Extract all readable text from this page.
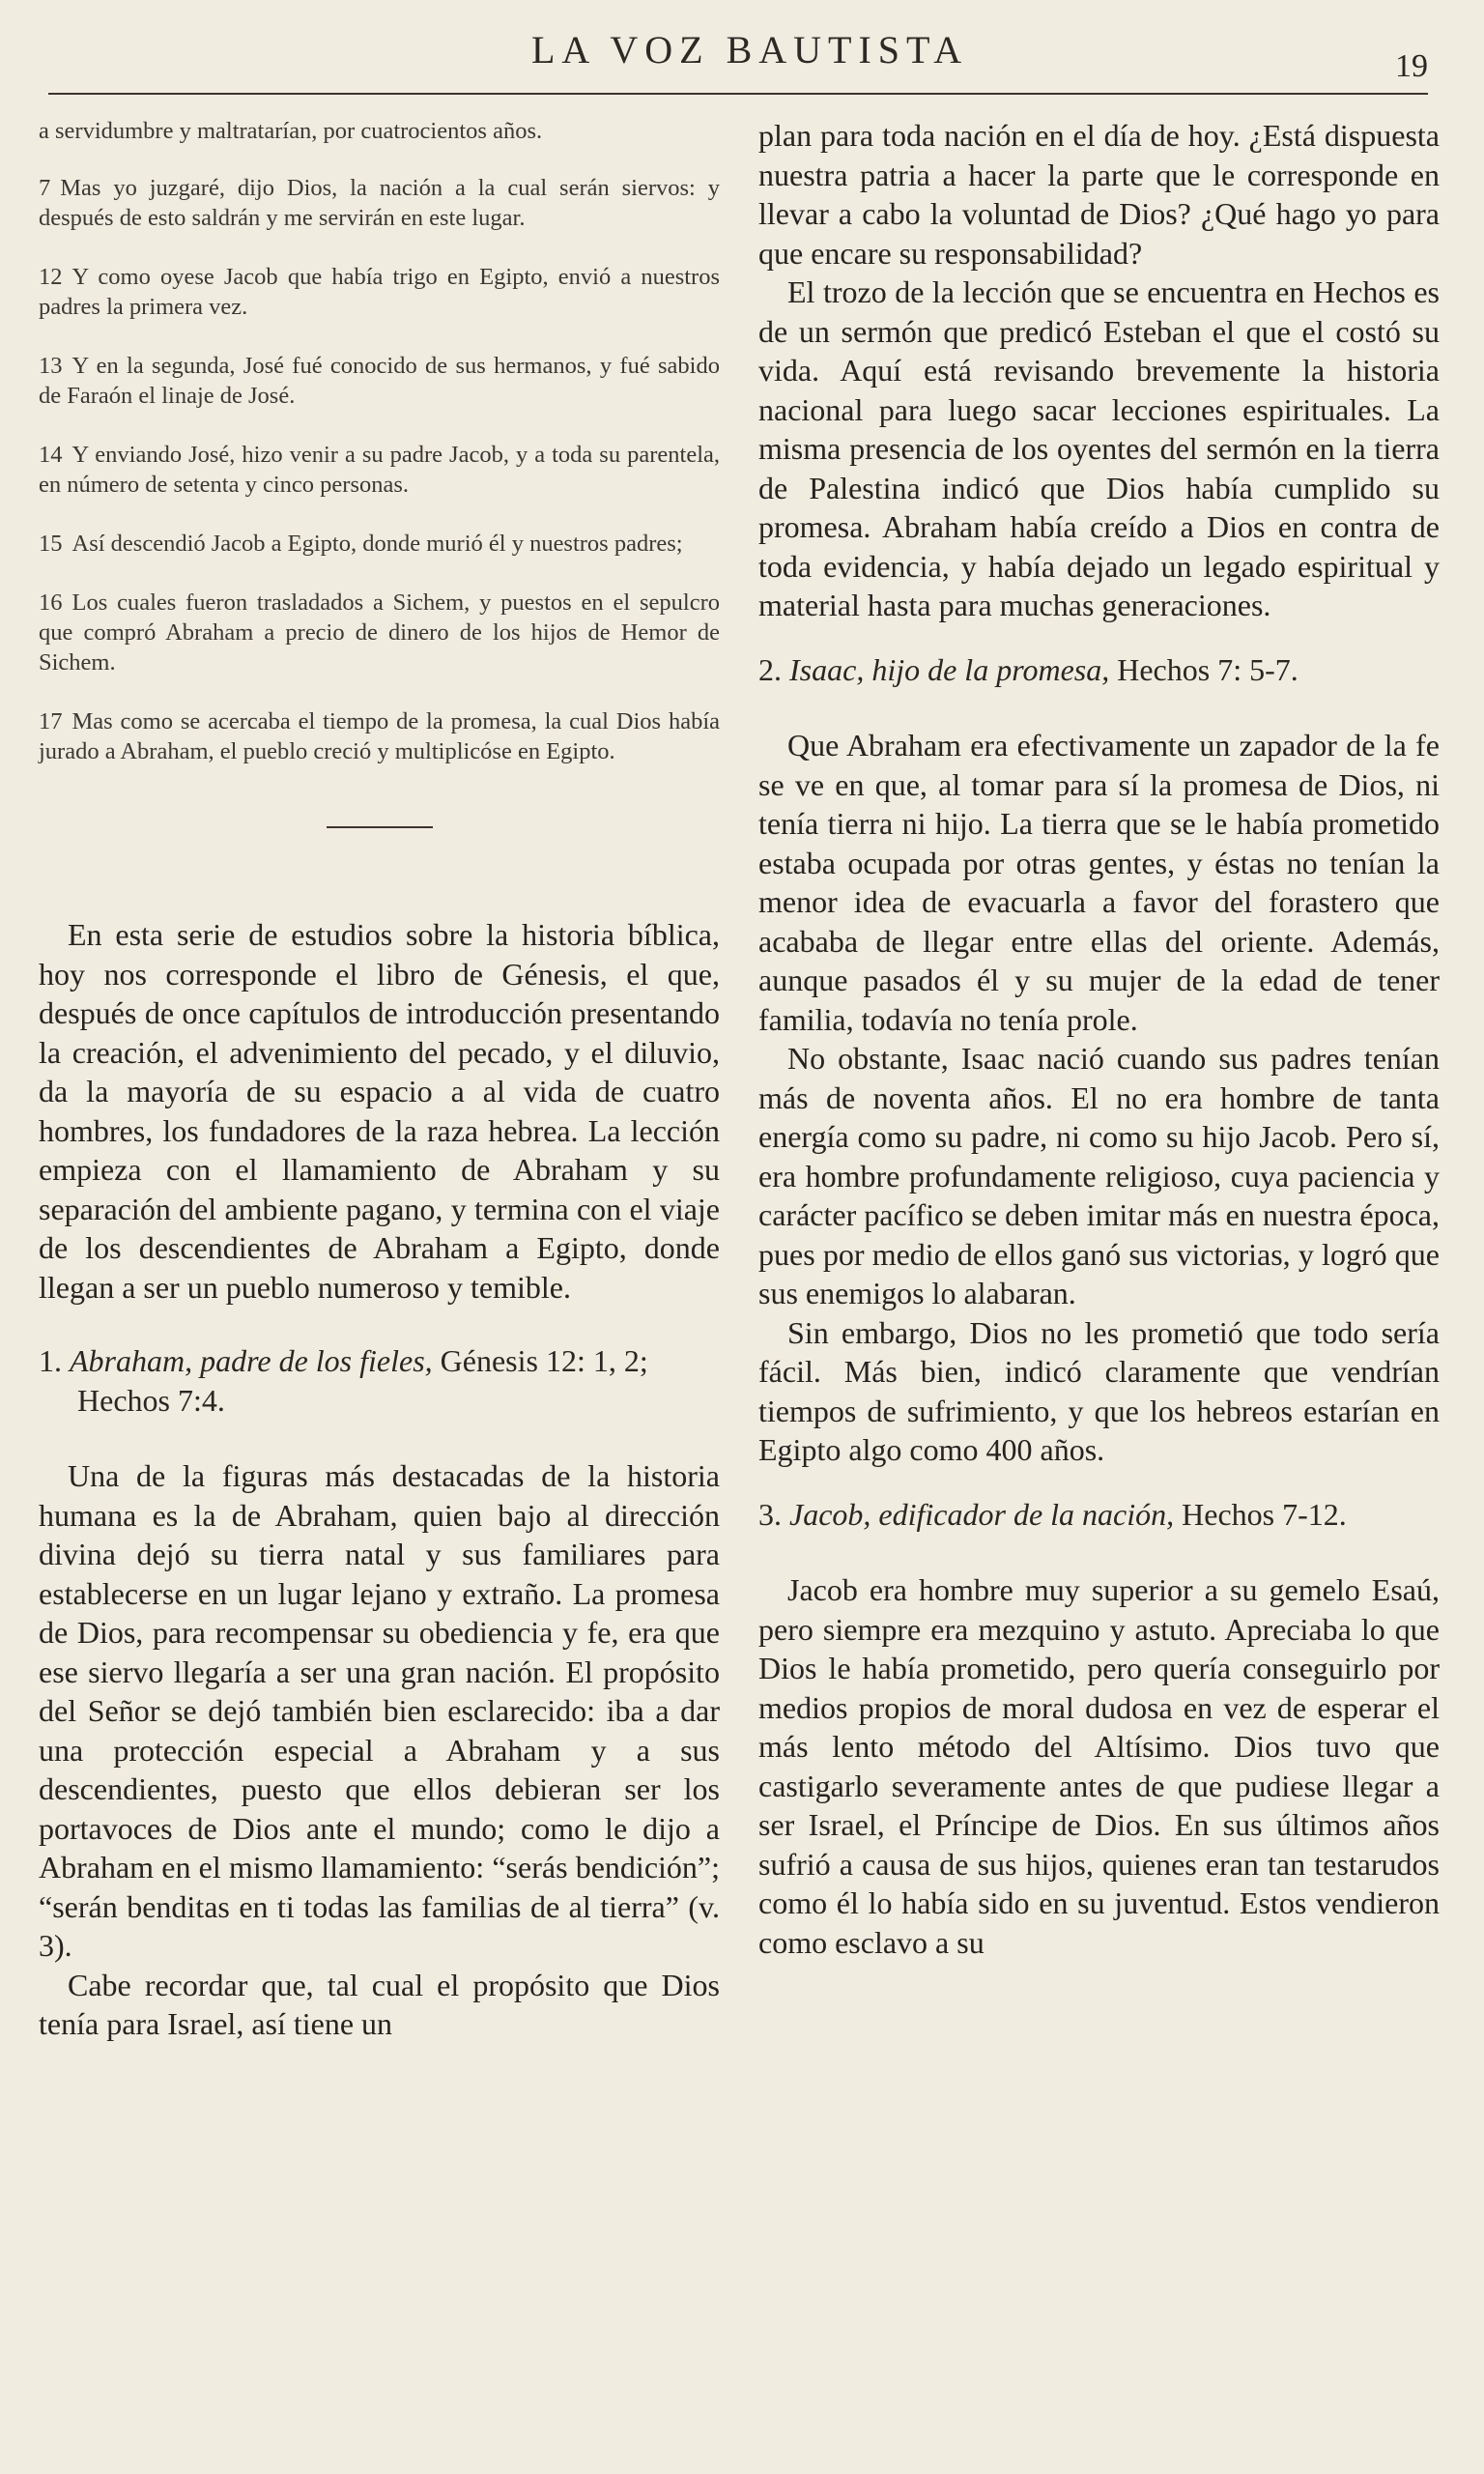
LA VOZ BAUTISTA	19

a servidumbre y maltratarían, por cuatrocientos años.

7 Mas yo juzgaré, dijo Dios, la nación a la cual serán siervos: y después de esto saldrán y me servirán en este lugar.

12 Y como oyese Jacob que había trigo en Egipto, envió a nuestros padres la primera vez.

13 Y en la segunda, José fué conocido de sus hermanos, y fué sabido de Faraón el linaje de José.

14 Y enviando José, hizo venir a su padre Jacob, y a toda su parentela, en número de setenta y cinco personas.

15 Así descendió Jacob a Egipto, donde murió él y nuestros padres;

16 Los cuales fueron trasladados a Sichem, y puestos en el sepulcro que compró Abraham a precio de dinero de los hijos de Hemor de Sichem.

17 Mas como se acercaba el tiempo de la promesa, la cual Dios había jurado a Abraham, el pueblo creció y multiplicóse en Egipto.

En esta serie de estudios sobre la historia bíblica, hoy nos corresponde el libro de Génesis, el que, después de once capítulos de introducción presentando la creación, el advenimiento del pecado, y el diluvio, da la mayoría de su espacio a al vida de cuatro hombres, los fundadores de la raza hebrea. La lección empieza con el llamamiento de Abraham y su separación del ambiente pagano, y termina con el viaje de los descendientes de Abraham a Egipto, donde llegan a ser un pueblo numeroso y temible.

1. Abraham, padre de los fieles, Génesis 12: 1, 2; Hechos 7:4.

Una de la figuras más destacadas de la historia humana es la de Abraham, quien bajo al dirección divina dejó su tierra natal y sus familiares para establecerse en un lugar lejano y extraño. La promesa de Dios, para recompensar su obediencia y fe, era que ese siervo llegaría a ser una gran nación. El propósito del Señor se dejó también bien esclarecido: iba a dar una protección especial a Abraham y a sus descendientes, puesto que ellos debieran ser los portavoces de Dios ante el mundo; como le dijo a Abraham en el mismo llamamiento: “serás bendición”; “serán benditas en ti todas las familias de al tierra” (v. 3).

Cabe recordar que, tal cual el propósito que Dios tenía para Israel, así tiene un

plan para toda nación en el día de hoy. ¿Está dispuesta nuestra patria a hacer la parte que le corresponde en llevar a cabo la voluntad de Dios? ¿Qué hago yo para que encare su responsabilidad?

El trozo de la lección que se encuentra en Hechos es de un sermón que predicó Esteban el que el costó su vida. Aquí está revisando brevemente la historia nacional para luego sacar lecciones espirituales. La misma presencia de los oyentes del sermón en la tierra de Palestina indicó que Dios había cumplido su promesa. Abraham había creído a Dios en contra de toda evidencia, y había dejado un legado espiritual y material hasta para muchas generaciones.

2. Isaac, hijo de la promesa, Hechos 7: 5-7.

Que Abraham era efectivamente un zapador de la fe se ve en que, al tomar para sí la promesa de Dios, ni tenía tierra ni hijo. La tierra que se le había prometido estaba ocupada por otras gentes, y éstas no tenían la menor idea de evacuarla a favor del forastero que acababa de llegar entre ellas del oriente. Además, aunque pasados él y su mujer de la edad de tener familia, todavía no tenía prole.

No obstante, Isaac nació cuando sus padres tenían más de noventa años. El no era hombre de tanta energía como su padre, ni como su hijo Jacob. Pero sí, era hombre profundamente religioso, cuya paciencia y carácter pacífico se deben imitar más en nuestra época, pues por medio de ellos ganó sus victorias, y logró que sus enemigos lo alabaran.

Sin embargo, Dios no les prometió que todo sería fácil. Más bien, indicó claramente que vendrían tiempos de sufrimiento, y que los hebreos estarían en Egipto algo como 400 años.

3. Jacob, edificador de la nación, Hechos 7-12.

Jacob era hombre muy superior a su gemelo Esaú, pero siempre era mezquino y astuto. Apreciaba lo que Dios le había prometido, pero quería conseguirlo por medios propios de moral dudosa en vez de esperar el más lento método del Altísimo. Dios tuvo que castigarlo severamente antes de que pudiese llegar a ser Israel, el Príncipe de Dios. En sus últimos años sufrió a causa de sus hijos, quienes eran tan testarudos como él lo había sido en su juventud. Estos vendieron como esclavo a su
